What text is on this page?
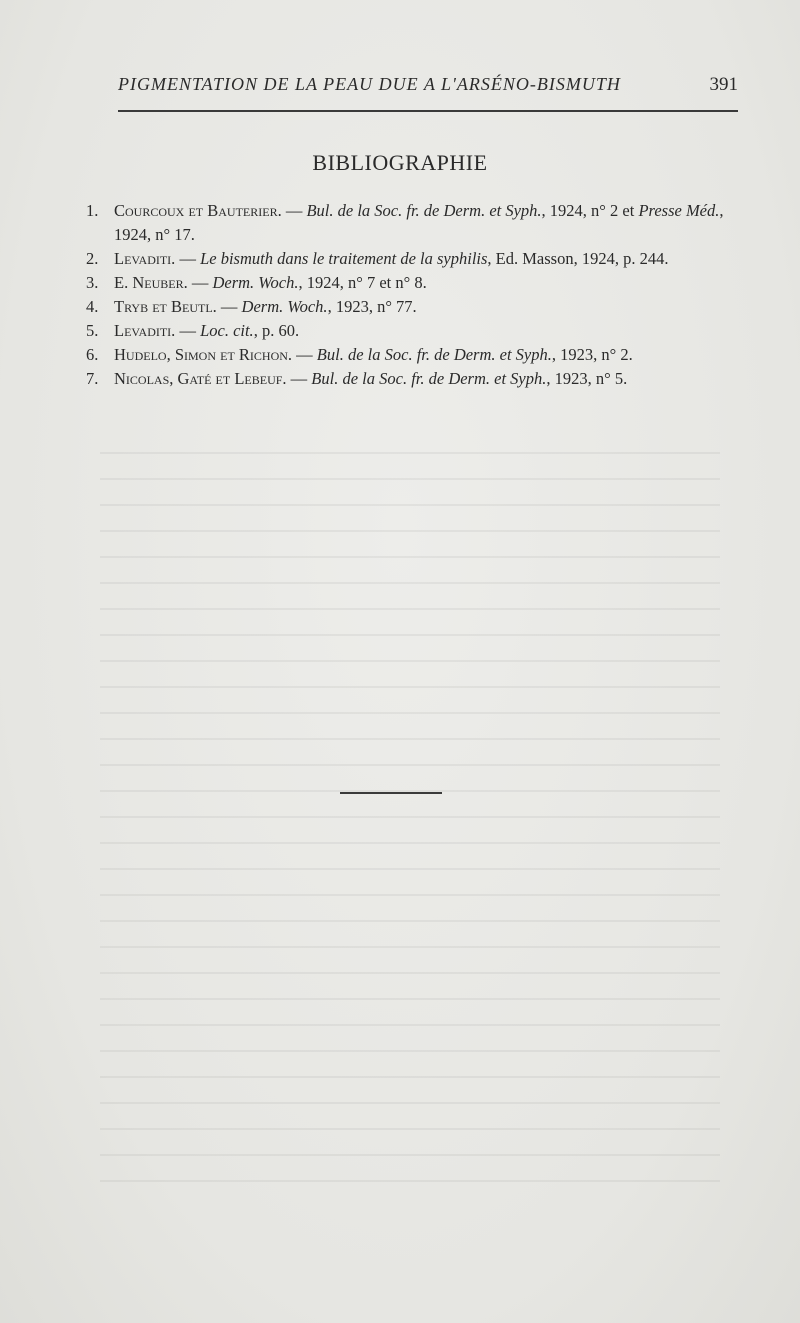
PIGMENTATION DE LA PEAU DUE A L'ARSÉNO-BISMUTH	391
BIBLIOGRAPHIE
1. Courcoux et Bauterier. — Bul. de la Soc. fr. de Derm. et Syph., 1924, n° 2 et Presse Méd., 1924, n° 17.
2. Levaditi. — Le bismuth dans le traitement de la syphilis, Ed. Masson, 1924, p. 244.
3. E. Neuber. — Derm. Woch., 1924, n° 7 et n° 8.
4. Tryb et Beutl. — Derm. Woch., 1923, n° 77.
5. Levaditi. — Loc. cit., p. 60.
6. Hudelo, Simon et Richon. — Bul. de la Soc. fr. de Derm. et Syph., 1923, n° 2.
7. Nicolas, Gaté et Lebeuf. — Bul. de la Soc. fr. de Derm. et Syph., 1923, n° 5.
